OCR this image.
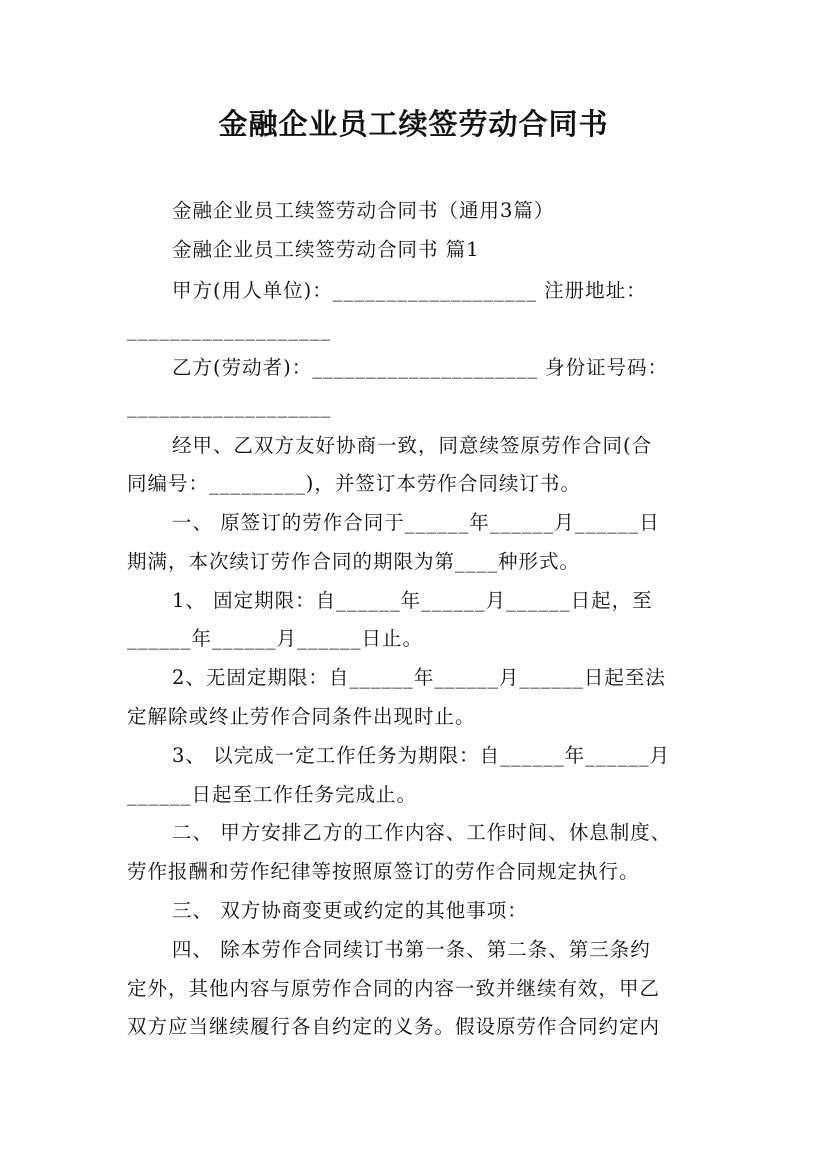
金融企业员工续签劳动合同书
金融企业员工续签劳动合同书（通用3篇）
金融企业员工续签劳动合同书 篇1
甲方(用人单位)：___________________ 注册地址：
___________________
乙方(劳动者)：_____________________ 身份证号码：
___________________
经甲、乙双方友好协商一致，同意续签原劳作合同(合
同编号：_________)，并签订本劳作合同续订书。
一、 原签订的劳作合同于______年______月______日
期满，本次续订劳作合同的期限为第____种形式。
1、 固定期限：自______年______月______日起，至
______年______月______日止。
2、无固定期限：自______年______月______日起至法
定解除或终止劳作合同条件出现时止。
3、 以完成一定工作任务为期限：自______年______月
______日起至工作任务完成止。
二、 甲方安排乙方的工作内容、工作时间、休息制度、
劳作报酬和劳作纪律等按照原签订的劳作合同规定执行。
三、 双方协商变更或约定的其他事项：
四、 除本劳作合同续订书第一条、第二条、第三条约
定外，其他内容与原劳作合同的内容一致并继续有效，甲乙
双方应当继续履行各自约定的义务。假设原劳作合同约定内
